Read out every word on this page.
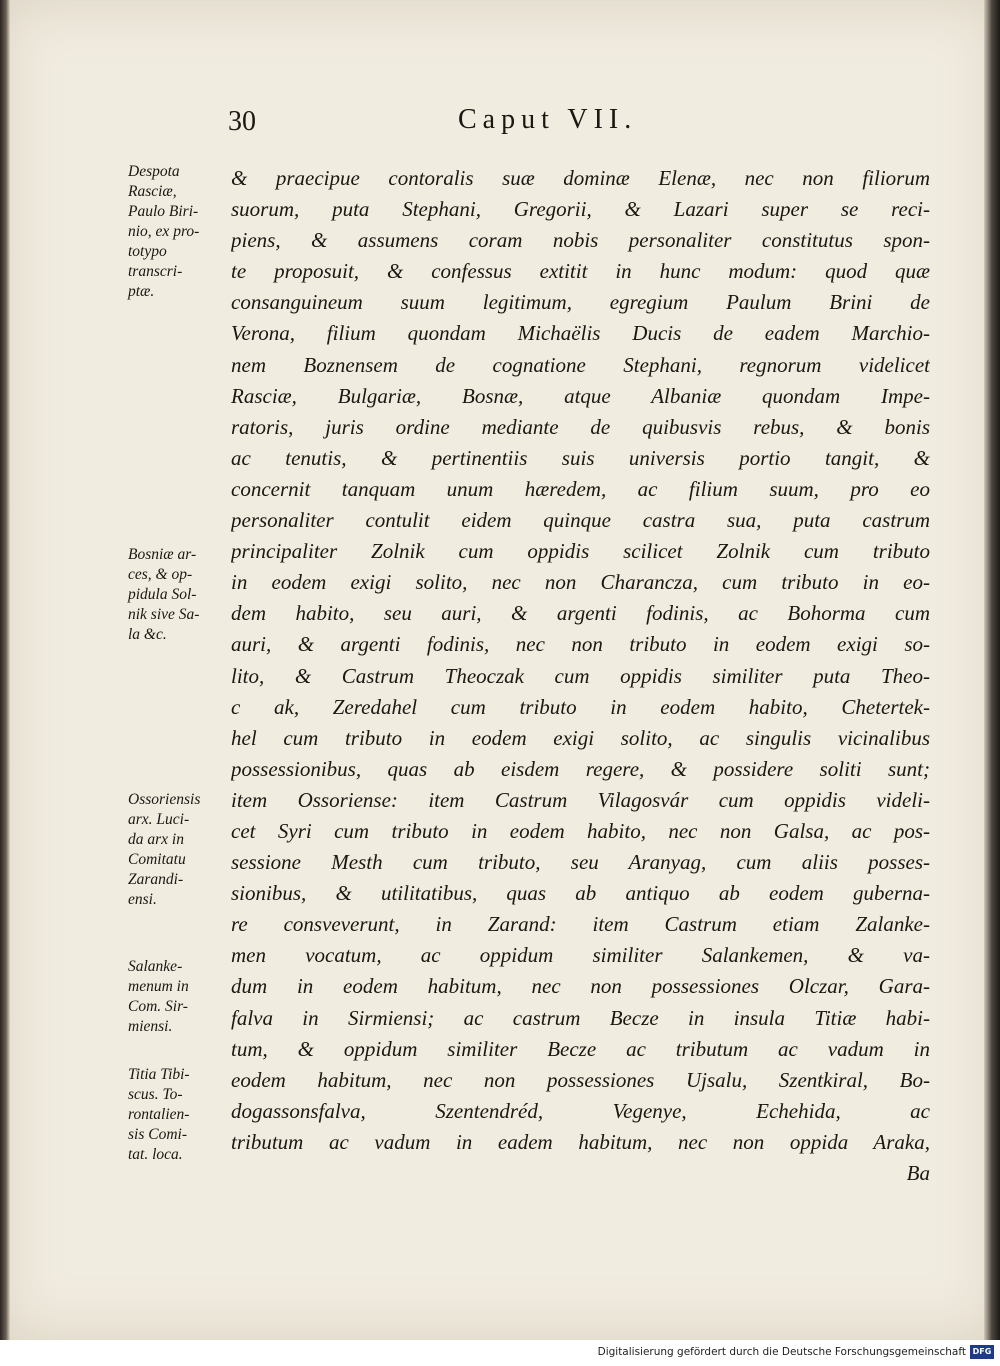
30	Caput VII.
Despota
Rasciæ,
Paulo Biri-
nio, ex pro-
totypo
transcri-
ptæ.
Bosniæ ar-
ces, & op-
pidula Sol-
nik sive Sa-
la &c.
Ossoriensis
arx. Luci-
da arx in
Comitatu
Zarandi-
ensi.
Salanke-
menum in
Com. Sir-
miensi.
Titia Tibi-
scus. To-
rontalien-
sis Comi-
tat. loca.
& praecipue contoralis suæ dominæ Elenæ, nec non filiorum
suorum, puta Stephani, Gregorii, & Lazari super se reci-
piens, & assumens coram nobis personaliter constitutus spon-
te proposuit, & confessus extitit in hunc modum: quod quæ
consanguineum suum legitimum, egregium Paulum Brini de
Verona, filium quondam Michaëlis Ducis de eadem Marchio-
nem Boznensem de cognatione Stephani, regnorum videlicet
Rasciæ, Bulgariæ, Bosnæ, atque Albaniæ quondam Impe-
ratoris, juris ordine mediante de quibusvis rebus, & bonis
ac tenutis, & pertinentiis suis universis portio tangit, &
concernit tanquam unum hæredem, ac filium suum, pro eo
personaliter contulit eidem quinque castra sua, puta castrum
principaliter Zolnik cum oppidis scilicet Zolnik cum tributo
in eodem exigi solito, nec non Charancza, cum tributo in eo-
dem habito, seu auri, & argenti fodinis, ac Bohorma cum
auri, & argenti fodinis, nec non tributo in eodem exigi so-
lito, & Castrum Theoczak cum oppidis similiter puta Theo-
c ak, Zeredahel cum tributo in eodem habito, Chetertek-
hel cum tributo in eodem exigi solito, ac singulis vicinalibus
possessionibus, quas ab eisdem regere, & possidere soliti sunt;
item Ossoriense: item Castrum Vilagosvár cum oppidis videli-
cet Syri cum tributo in eodem habito, nec non Galsa, ac pos-
sessione Mesth cum tributo, seu Aranyag, cum aliis posses-
sionibus, & utilitatibus, quas ab antiquo ab eodem guberna-
re consveverunt, in Zarand: item Castrum etiam Zalanke-
men vocatum, ac oppidum similiter Salankemen, & va-
dum in eodem habitum, nec non possessiones Olczar, Gara-
falva in Sirmiensi; ac castrum Becze in insula Titiæ habi-
tum, & oppidum similiter Becze ac tributum ac vadum in
eodem habitum, nec non possessiones Ujsalu, Szentkiral, Bo-
dogassonsfalva, Szentendréd, Vegenye, Echehida, ac
tributum ac vadum in eadem habitum, nec non oppida Araka,
Ba
Digitalisierung gefördert durch die Deutsche Forschungsgemeinschaft DFG
